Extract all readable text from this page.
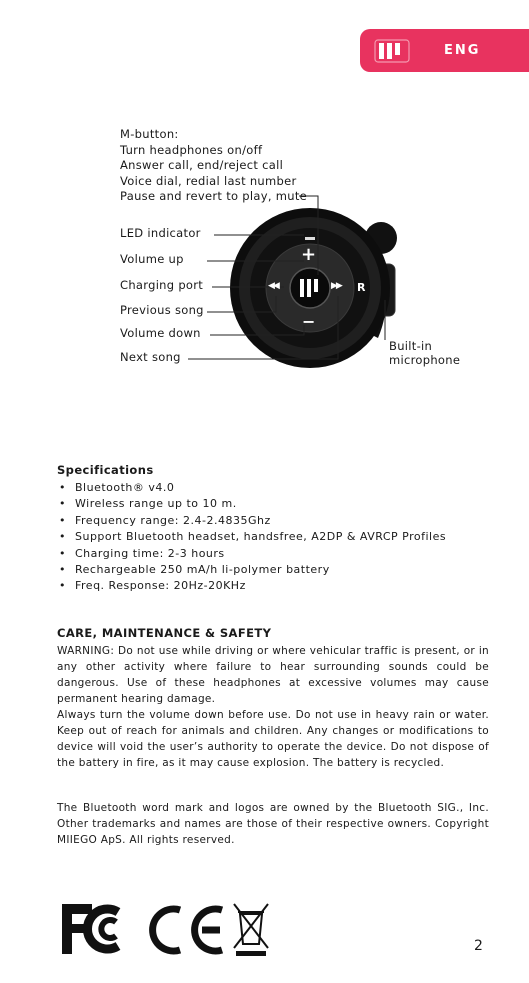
ENG
+
−
◀◀	▶▶ R
M-button:
Turn headphones on/off
Answer call, end/reject call
Voice dial, redial last number
Pause and revert to play, mute
LED indicator
Volume up
Charging port
Previous song
Volume down
Next song
Built-in
microphone
Specifications
• Bluetooth® v4.0
• Wireless range up to 10 m.
• Frequency range: 2.4-2.4835Ghz
• Support Bluetooth headset, handsfree, A2DP & AVRCP Profiles
• Charging time: 2-3 hours
• Rechargeable 250 mA/h li-polymer battery
• Freq. Response: 20Hz-20KHz
CARE, MAINTENANCE & SAFETY

WARNING: Do not use while driving or where vehicular traffic is present, or in any other activity where failure to hear surrounding sounds could be dangerous. Use of these headphones at excessive volumes may cause permanent hearing damage.

Always turn the volume down before use. Do not use in heavy rain or water. Keep out of reach for animals and children. Any changes or modifications to device will void the user’s authority to operate the device. Do not dispose of the battery in fire, as it may cause explosion. The battery is recycled.

The Bluetooth word mark and logos are owned by the Bluetooth SIG., Inc. Other trademarks and names are those of their respective owners. Copyright MIIEGO ApS. All rights reserved.

2
